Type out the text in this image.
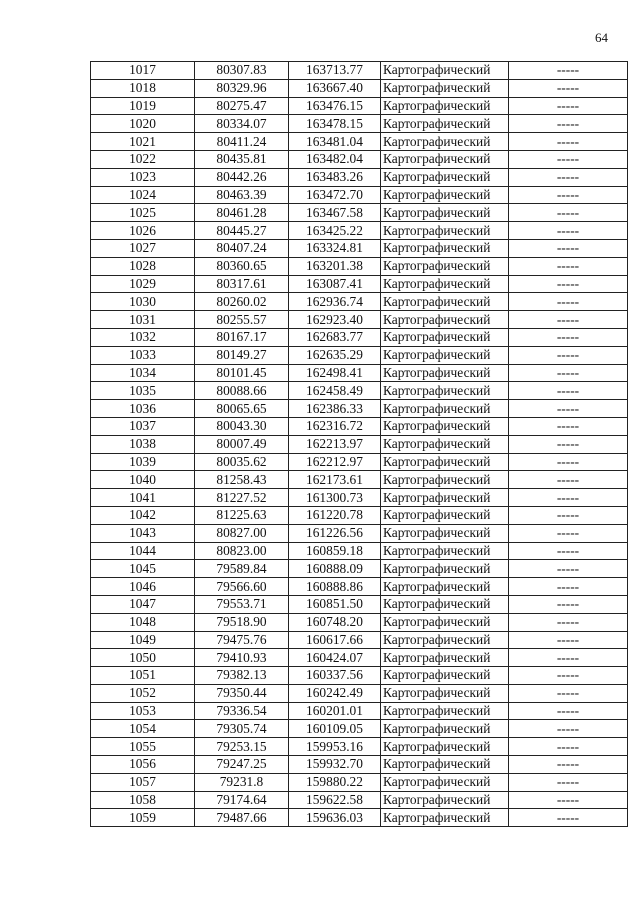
64
1017	80307.83	163713.77	Картографический	-----
1018	80329.96	163667.40	Картографический	-----
1019	80275.47	163476.15	Картографический	-----
1020	80334.07	163478.15	Картографический	-----
1021	80411.24	163481.04	Картографический	-----
1022	80435.81	163482.04	Картографический	-----
1023	80442.26	163483.26	Картографический	-----
1024	80463.39	163472.70	Картографический	-----
1025	80461.28	163467.58	Картографический	-----
1026	80445.27	163425.22	Картографический	-----
1027	80407.24	163324.81	Картографический	-----
1028	80360.65	163201.38	Картографический	-----
1029	80317.61	163087.41	Картографический	-----
1030	80260.02	162936.74	Картографический	-----
1031	80255.57	162923.40	Картографический	-----
1032	80167.17	162683.77	Картографический	-----
1033	80149.27	162635.29	Картографический	-----
1034	80101.45	162498.41	Картографический	-----
1035	80088.66	162458.49	Картографический	-----
1036	80065.65	162386.33	Картографический	-----
1037	80043.30	162316.72	Картографический	-----
1038	80007.49	162213.97	Картографический	-----
1039	80035.62	162212.97	Картографический	-----
1040	81258.43	162173.61	Картографический	-----
1041	81227.52	161300.73	Картографический	-----
1042	81225.63	161220.78	Картографический	-----
1043	80827.00	161226.56	Картографический	-----
1044	80823.00	160859.18	Картографический	-----
1045	79589.84	160888.09	Картографический	-----
1046	79566.60	160888.86	Картографический	-----
1047	79553.71	160851.50	Картографический	-----
1048	79518.90	160748.20	Картографический	-----
1049	79475.76	160617.66	Картографический	-----
1050	79410.93	160424.07	Картографический	-----
1051	79382.13	160337.56	Картографический	-----
1052	79350.44	160242.49	Картографический	-----
1053	79336.54	160201.01	Картографический	-----
1054	79305.74	160109.05	Картографический	-----
1055	79253.15	159953.16	Картографический	-----
1056	79247.25	159932.70	Картографический	-----
1057	79231.8	159880.22	Картографический	-----
1058	79174.64	159622.58	Картографический	-----
1059	79487.66	159636.03	Картографический	-----
